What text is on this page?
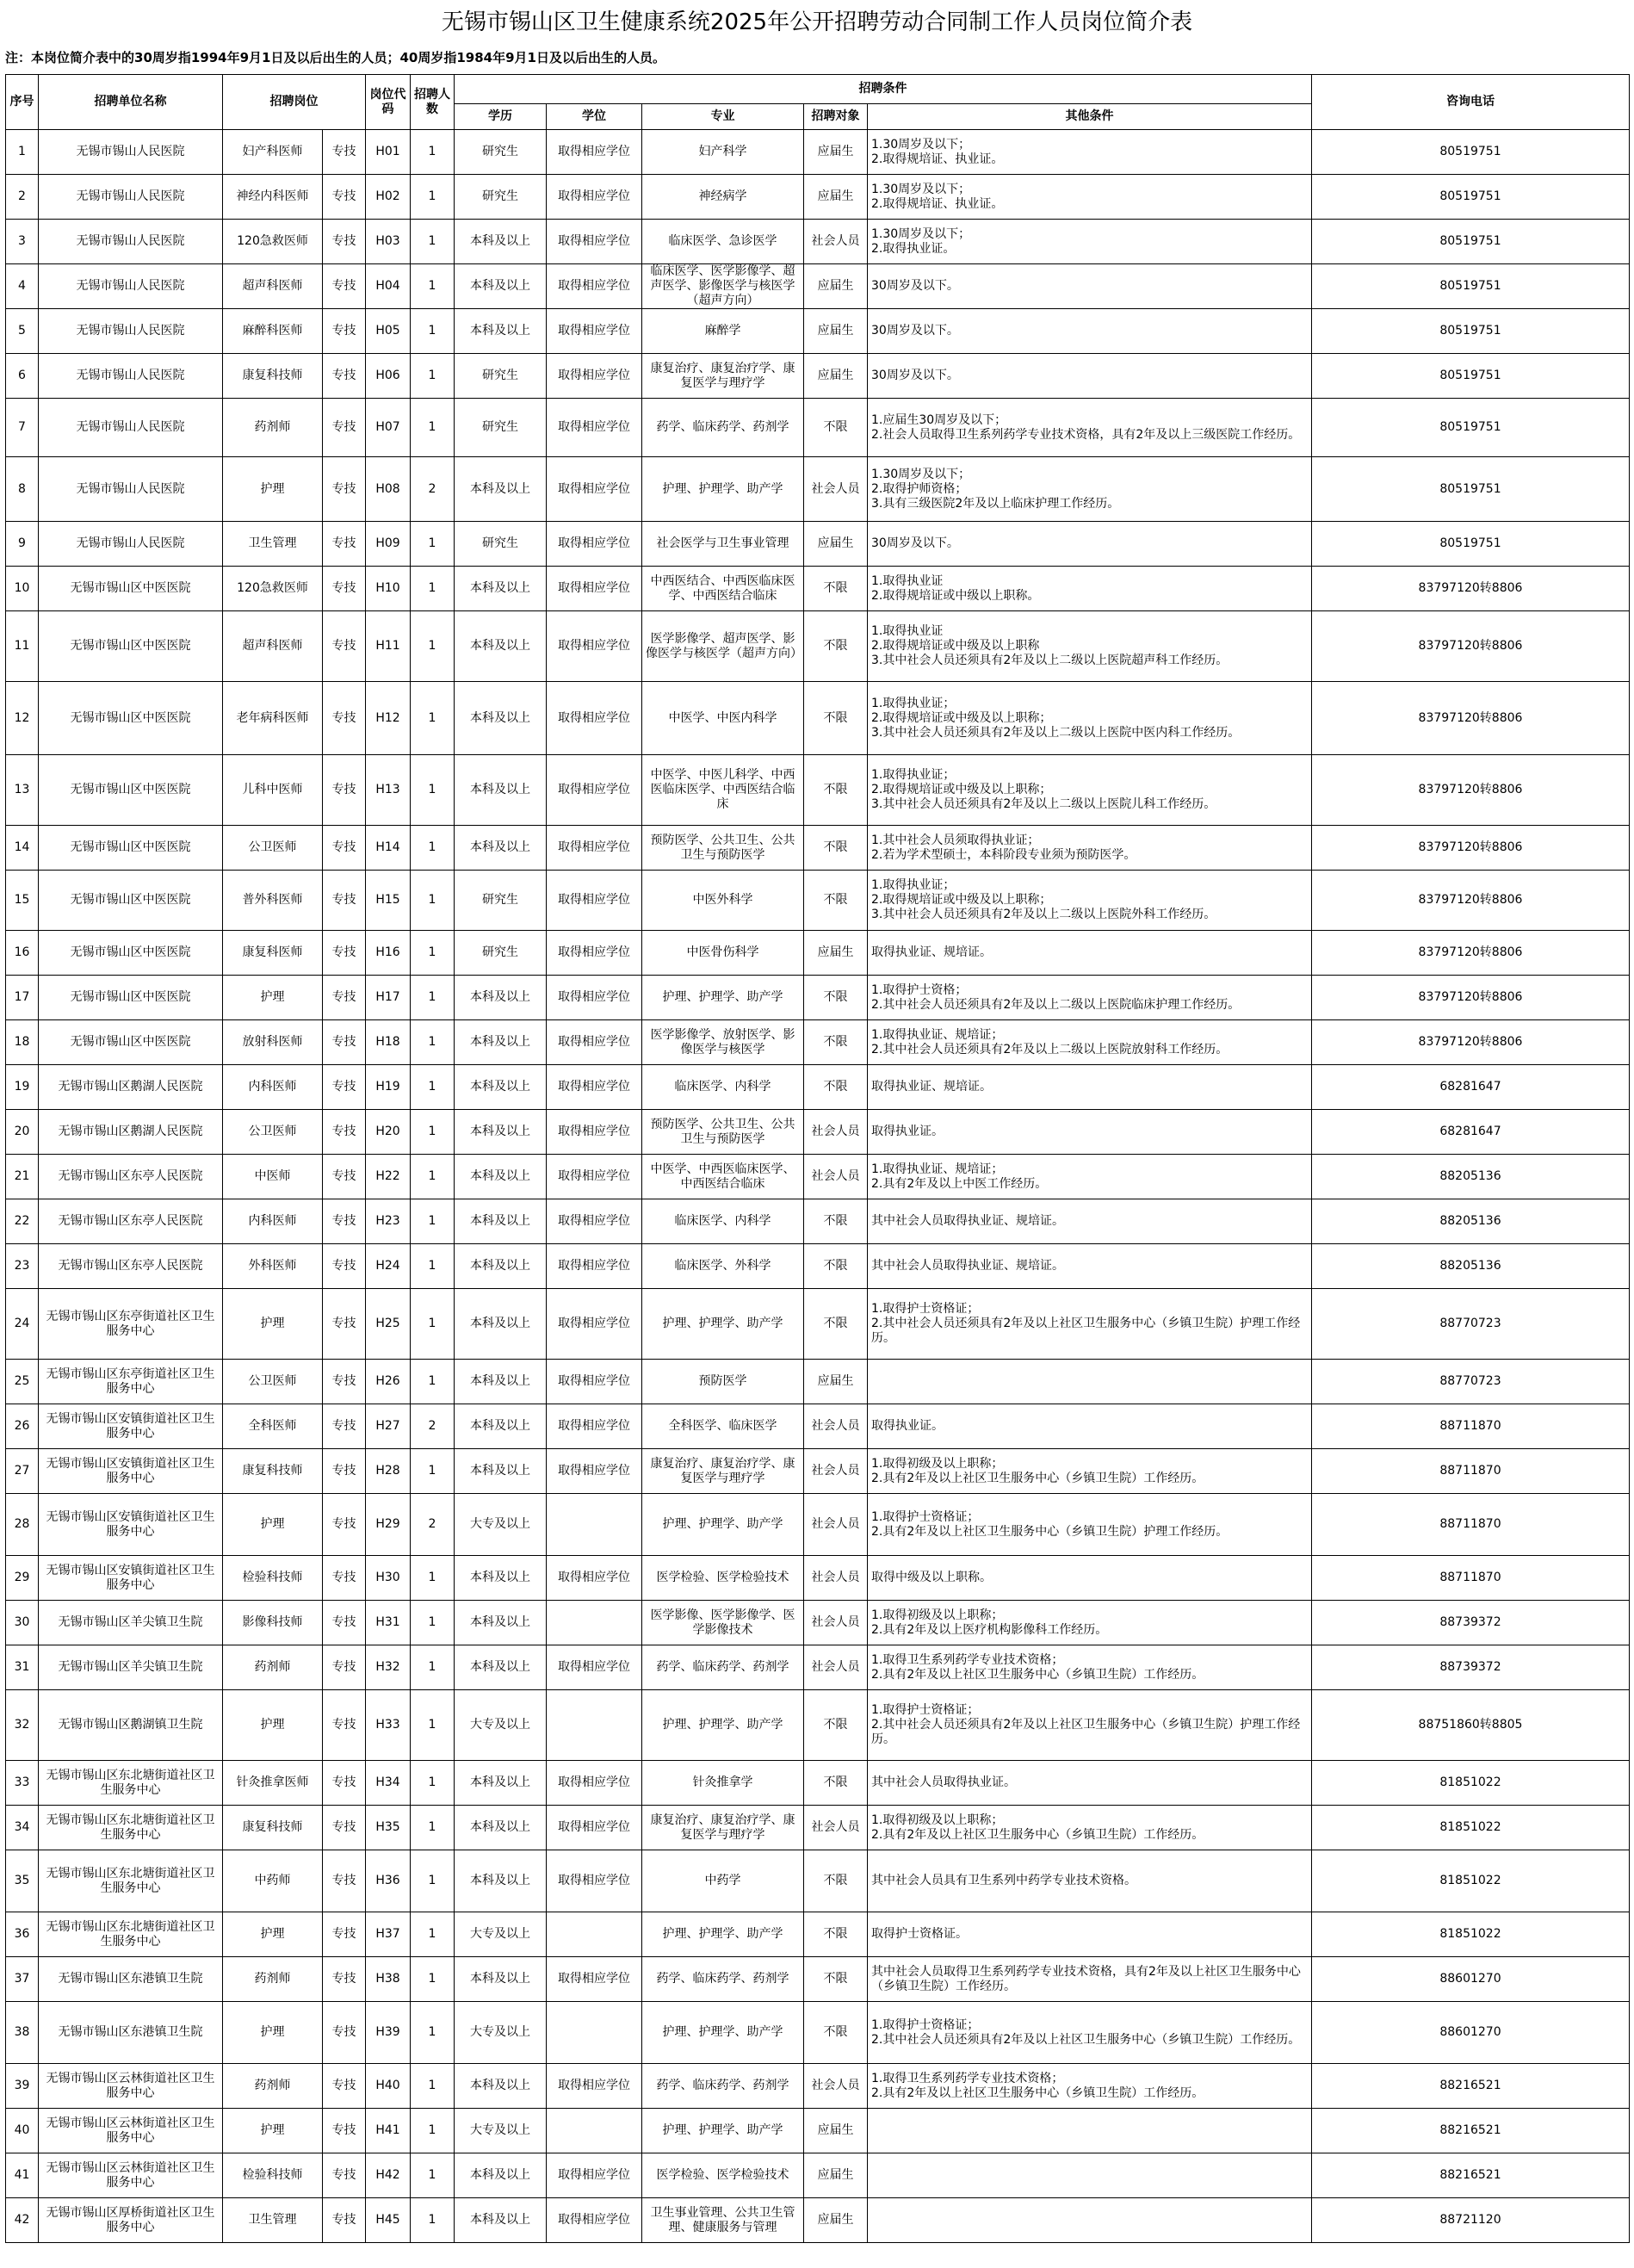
无锡市锡山区卫生健康系统2025年公开招聘劳动合同制工作人员岗位简介表
注：本岗位简介表中的30周岁指1994年9月1日及以后出生的人员；40周岁指1984年9月1日及以后出生的人员。
序号	招聘单位名称	招聘岗位		岗位代码	招聘人数	招聘条件					咨询电话
						学历	学位	专业	招聘对象	其他条件	
1	无锡市锡山人民医院	妇产科医师	专技	H01	1	研究生	取得相应学位	妇产科学	应届生	1.30周岁及以下；
2.取得规培证、执业证。	80519751
2	无锡市锡山人民医院	神经内科医师	专技	H02	1	研究生	取得相应学位	神经病学	应届生	1.30周岁及以下；
2.取得规培证、执业证。	80519751
3	无锡市锡山人民医院	120急救医师	专技	H03	1	本科及以上	取得相应学位	临床医学、急诊医学	社会人员	1.30周岁及以下；
2.取得执业证。	80519751
4	无锡市锡山人民医院	超声科医师	专技	H04	1	本科及以上	取得相应学位	临床医学、医学影像学、超声医学、影像医学与核医学（超声方向）	应届生	30周岁及以下。	80519751
5	无锡市锡山人民医院	麻醉科医师	专技	H05	1	本科及以上	取得相应学位	麻醉学	应届生	30周岁及以下。	80519751
6	无锡市锡山人民医院	康复科技师	专技	H06	1	研究生	取得相应学位	康复治疗、康复治疗学、康复医学与理疗学	应届生	30周岁及以下。	80519751
7	无锡市锡山人民医院	药剂师	专技	H07	1	研究生	取得相应学位	药学、临床药学、药剂学	不限	1.应届生30周岁及以下；
2.社会人员取得卫生系列药学专业技术资格，具有2年及以上三级医院工作经历。	80519751
8	无锡市锡山人民医院	护理	专技	H08	2	本科及以上	取得相应学位	护理、护理学、助产学	社会人员	1.30周岁及以下；
2.取得护师资格；
3.具有三级医院2年及以上临床护理工作经历。	80519751
9	无锡市锡山人民医院	卫生管理	专技	H09	1	研究生	取得相应学位	社会医学与卫生事业管理	应届生	30周岁及以下。	80519751
10	无锡市锡山区中医医院	120急救医师	专技	H10	1	本科及以上	取得相应学位	中西医结合、中西医临床医学、中西医结合临床	不限	1.取得执业证
2.取得规培证或中级以上职称。	83797120转8806
11	无锡市锡山区中医医院	超声科医师	专技	H11	1	本科及以上	取得相应学位	医学影像学、超声医学、影像医学与核医学（超声方向）	不限	1.取得执业证
2.取得规培证或中级及以上职称
3.其中社会人员还须具有2年及以上二级以上医院超声科工作经历。	83797120转8806
12	无锡市锡山区中医医院	老年病科医师	专技	H12	1	本科及以上	取得相应学位	中医学、中医内科学	不限	1.取得执业证；
2.取得规培证或中级及以上职称；
3.其中社会人员还须具有2年及以上二级以上医院中医内科工作经历。	83797120转8806
13	无锡市锡山区中医医院	儿科中医师	专技	H13	1	本科及以上	取得相应学位	中医学、中医儿科学、中西医临床医学、中西医结合临床	不限	1.取得执业证；
2.取得规培证或中级及以上职称；
3.其中社会人员还须具有2年及以上二级以上医院儿科工作经历。	83797120转8806
14	无锡市锡山区中医医院	公卫医师	专技	H14	1	本科及以上	取得相应学位	预防医学、公共卫生、公共卫生与预防医学	不限	1.其中社会人员须取得执业证；
2.若为学术型硕士，本科阶段专业须为预防医学。	83797120转8806
15	无锡市锡山区中医医院	普外科医师	专技	H15	1	研究生	取得相应学位	中医外科学	不限	1.取得执业证；
2.取得规培证或中级及以上职称；
3.其中社会人员还须具有2年及以上二级以上医院外科工作经历。	83797120转8806
16	无锡市锡山区中医医院	康复科医师	专技	H16	1	研究生	取得相应学位	中医骨伤科学	应届生	取得执业证、规培证。	83797120转8806
17	无锡市锡山区中医医院	护理	专技	H17	1	本科及以上	取得相应学位	护理、护理学、助产学	不限	1.取得护士资格；
2.其中社会人员还须具有2年及以上二级以上医院临床护理工作经历。	83797120转8806
18	无锡市锡山区中医医院	放射科医师	专技	H18	1	本科及以上	取得相应学位	医学影像学、放射医学、影像医学与核医学	不限	1.取得执业证、规培证；
2.其中社会人员还须具有2年及以上二级以上医院放射科工作经历。	83797120转8806
19	无锡市锡山区鹅湖人民医院	内科医师	专技	H19	1	本科及以上	取得相应学位	临床医学、内科学	不限	取得执业证、规培证。	68281647
20	无锡市锡山区鹅湖人民医院	公卫医师	专技	H20	1	本科及以上	取得相应学位	预防医学、公共卫生、公共卫生与预防医学	社会人员	取得执业证。	68281647
21	无锡市锡山区东亭人民医院	中医师	专技	H22	1	本科及以上	取得相应学位	中医学、中西医临床医学、中西医结合临床	社会人员	1.取得执业证、规培证；
2.具有2年及以上中医工作经历。	88205136
22	无锡市锡山区东亭人民医院	内科医师	专技	H23	1	本科及以上	取得相应学位	临床医学、内科学	不限	其中社会人员取得执业证、规培证。	88205136
23	无锡市锡山区东亭人民医院	外科医师	专技	H24	1	本科及以上	取得相应学位	临床医学、外科学	不限	其中社会人员取得执业证、规培证。	88205136
24	无锡市锡山区东亭街道社区卫生服务中心	护理	专技	H25	1	本科及以上	取得相应学位	护理、护理学、助产学	不限	1.取得护士资格证；
2.其中社会人员还须具有2年及以上社区卫生服务中心（乡镇卫生院）护理工作经历。	88770723
25	无锡市锡山区东亭街道社区卫生服务中心	公卫医师	专技	H26	1	本科及以上	取得相应学位	预防医学	应届生		88770723
26	无锡市锡山区安镇街道社区卫生服务中心	全科医师	专技	H27	2	本科及以上	取得相应学位	全科医学、临床医学	社会人员	取得执业证。	88711870
27	无锡市锡山区安镇街道社区卫生服务中心	康复科技师	专技	H28	1	本科及以上	取得相应学位	康复治疗、康复治疗学、康复医学与理疗学	社会人员	1.取得初级及以上职称；
2.具有2年及以上社区卫生服务中心（乡镇卫生院）工作经历。	88711870
28	无锡市锡山区安镇街道社区卫生服务中心	护理	专技	H29	2	大专及以上		护理、护理学、助产学	社会人员	1.取得护士资格证；
2.具有2年及以上社区卫生服务中心（乡镇卫生院）护理工作经历。	88711870
29	无锡市锡山区安镇街道社区卫生服务中心	检验科技师	专技	H30	1	本科及以上	取得相应学位	医学检验、医学检验技术	社会人员	取得中级及以上职称。	88711870
30	无锡市锡山区羊尖镇卫生院	影像科技师	专技	H31	1	本科及以上		医学影像、医学影像学、医学影像技术	社会人员	1.取得初级及以上职称；
2.具有2年及以上医疗机构影像科工作经历。	88739372
31	无锡市锡山区羊尖镇卫生院	药剂师	专技	H32	1	本科及以上	取得相应学位	药学、临床药学、药剂学	社会人员	1.取得卫生系列药学专业技术资格；
2.具有2年及以上社区卫生服务中心（乡镇卫生院）工作经历。	88739372
32	无锡市锡山区鹅湖镇卫生院	护理	专技	H33	1	大专及以上		护理、护理学、助产学	不限	1.取得护士资格证；
2.其中社会人员还须具有2年及以上社区卫生服务中心（乡镇卫生院）护理工作经历。	88751860转8805
33	无锡市锡山区东北塘街道社区卫生服务中心	针灸推拿医师	专技	H34	1	本科及以上	取得相应学位	针灸推拿学	不限	其中社会人员取得执业证。	81851022
34	无锡市锡山区东北塘街道社区卫生服务中心	康复科技师	专技	H35	1	本科及以上	取得相应学位	康复治疗、康复治疗学、康复医学与理疗学	社会人员	1.取得初级及以上职称；
2.具有2年及以上社区卫生服务中心（乡镇卫生院）工作经历。	81851022
35	无锡市锡山区东北塘街道社区卫生服务中心	中药师	专技	H36	1	本科及以上	取得相应学位	中药学	不限	其中社会人员具有卫生系列中药学专业技术资格。	81851022
36	无锡市锡山区东北塘街道社区卫生服务中心	护理	专技	H37	1	大专及以上		护理、护理学、助产学	不限	取得护士资格证。	81851022
37	无锡市锡山区东港镇卫生院	药剂师	专技	H38	1	本科及以上	取得相应学位	药学、临床药学、药剂学	不限	其中社会人员取得卫生系列药学专业技术资格，具有2年及以上社区卫生服务中心（乡镇卫生院）工作经历。	88601270
38	无锡市锡山区东港镇卫生院	护理	专技	H39	1	大专及以上		护理、护理学、助产学	不限	1.取得护士资格证；
2.其中社会人员还须具有2年及以上社区卫生服务中心（乡镇卫生院）工作经历。	88601270
39	无锡市锡山区云林街道社区卫生服务中心	药剂师	专技	H40	1	本科及以上	取得相应学位	药学、临床药学、药剂学	社会人员	1.取得卫生系列药学专业技术资格；
2.具有2年及以上社区卫生服务中心（乡镇卫生院）工作经历。	88216521
40	无锡市锡山区云林街道社区卫生服务中心	护理	专技	H41	1	大专及以上		护理、护理学、助产学	应届生		88216521
41	无锡市锡山区云林街道社区卫生服务中心	检验科技师	专技	H42	1	本科及以上	取得相应学位	医学检验、医学检验技术	应届生		88216521
42	无锡市锡山区厚桥街道社区卫生服务中心	卫生管理	专技	H45	1	本科及以上	取得相应学位	卫生事业管理、公共卫生管理、健康服务与管理	应届生		88721120
